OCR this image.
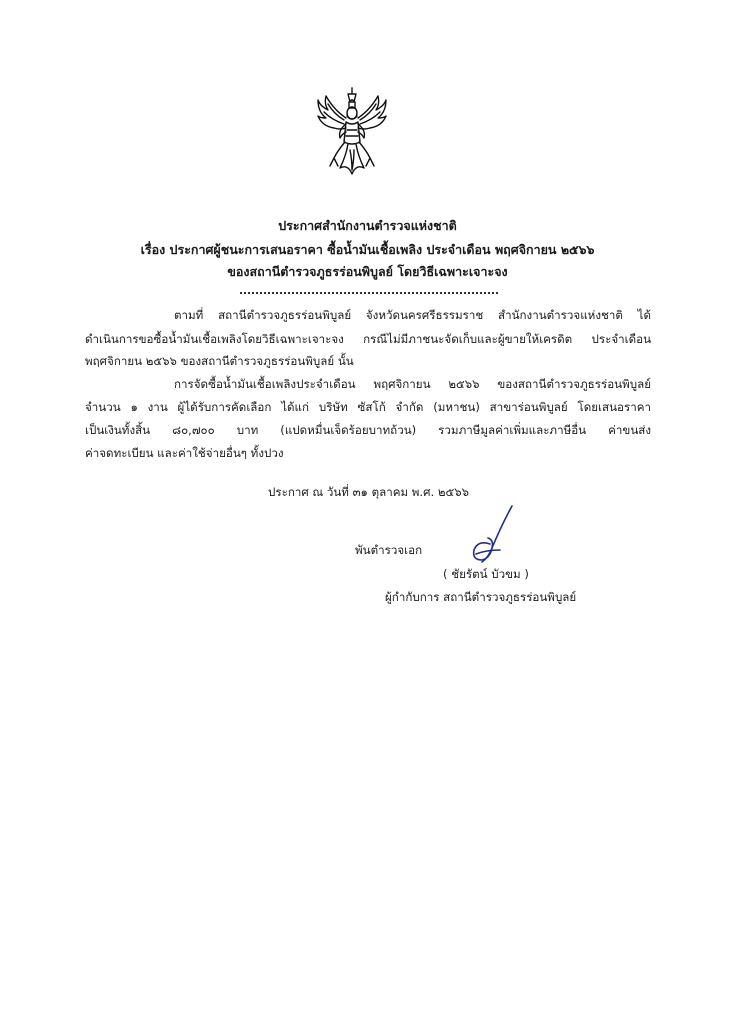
ประกาศสำนักงานตำรวจแห่งชาติ
เรื่อง ประกาศผู้ชนะการเสนอราคา ซื้อน้ำมันเชื้อเพลิง ประจำเดือน พฤศจิกายน ๒๕๖๖
ของสถานีตำรวจภูธรร่อนพิบูลย์ โดยวิธีเฉพาะเจาะจง
ตามที่ สถานีตำรวจภูธรร่อนพิบูลย์ จังหวัดนครศรีธรรมราช สำนักงานตำรวจแห่งชาติ ได้
ดำเนินการขอซื้อน้ำมันเชื้อเพลิงโดยวิธีเฉพาะเจาะจง กรณีไม่มีภาชนะจัดเก็บและผู้ขายให้เครดิต ประจำเดือน
พฤศจิกายน ๒๕๖๖ ของสถานีตำรวจภูธรร่อนพิบูลย์ นั้น
การจัดซื้อน้ำมันเชื้อเพลิงประจำเดือน พฤศจิกายน ๒๕๖๖ ของสถานีตำรวจภูธรร่อนพิบูลย์
จำนวน ๑ งาน ผู้ได้รับการคัดเลือก ได้แก่ บริษัท ซัสโก้ จำกัด (มหาชน) สาขาร่อนพิบูลย์ โดยเสนอราคา
เป็นเงินทั้งสิ้น ๘๐,๗๐๐ บาท (แปดหมื่นเจ็ดร้อยบาทถ้วน) รวมภาษีมูลค่าเพิ่มและภาษีอื่น ค่าขนส่ง
ค่าจดทะเบียน และค่าใช้จ่ายอื่นๆ ทั้งปวง
ประกาศ ณ วันที่ ๓๑ ตุลาคม พ.ศ. ๒๕๖๖
พันตำรวจเอก
( ชัยรัตน์ บัวขม )
ผู้กำกับการ สถานีตำรวจภูธรร่อนพิบูลย์
